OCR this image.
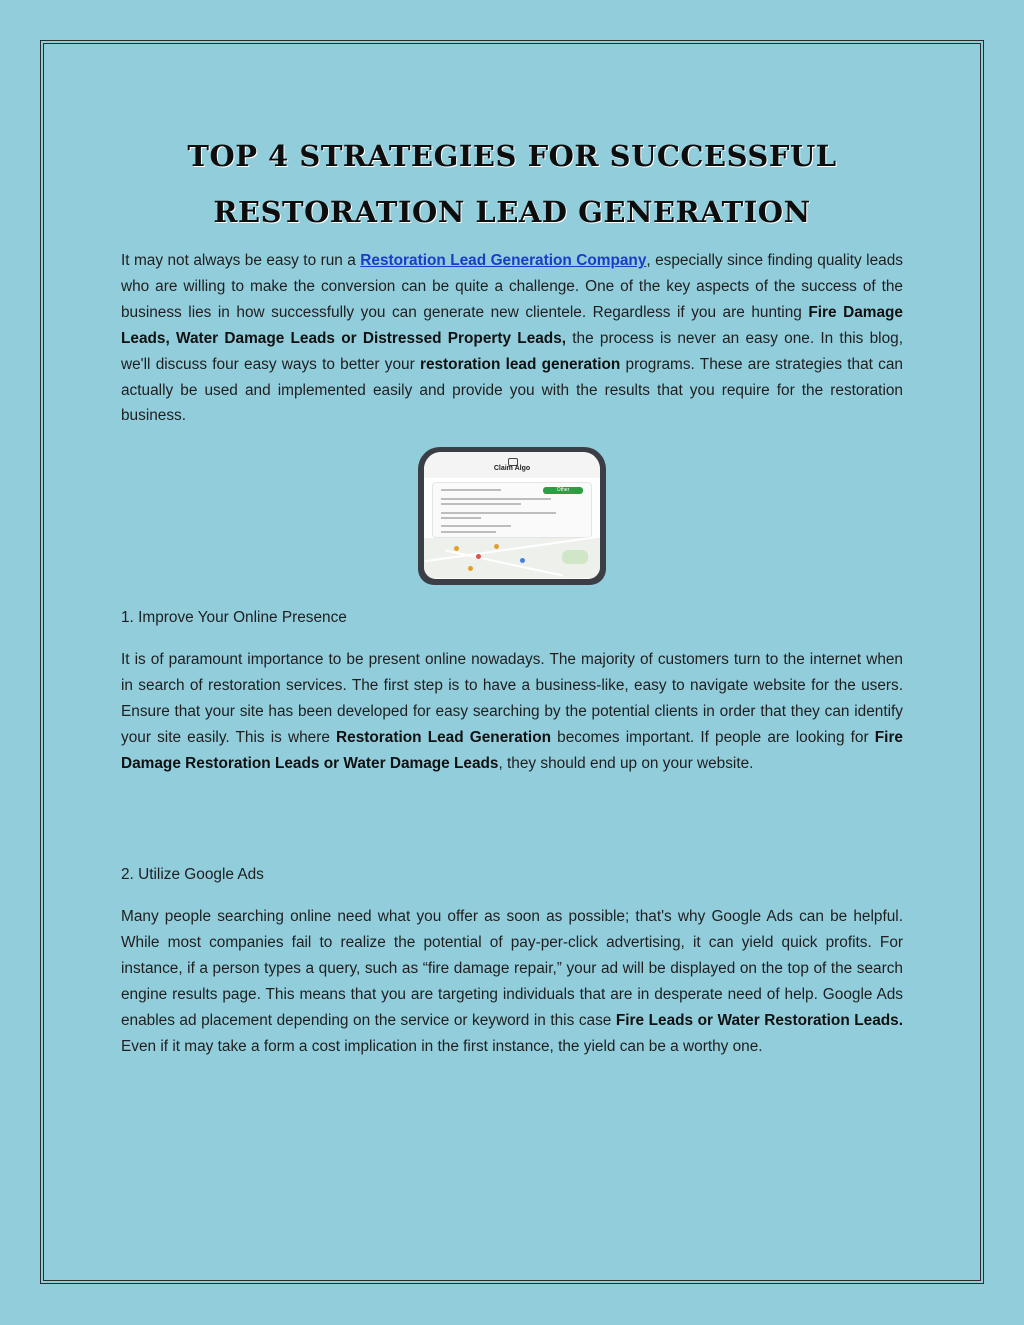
TOP 4 STRATEGIES FOR SUCCESSFUL
RESTORATION LEAD GENERATION
It may not always be easy to run a Restoration Lead Generation Company, especially since finding quality leads who are willing to make the conversion can be quite a challenge. One of the key aspects of the success of the business lies in how successfully you can generate new clientele. Regardless if you are hunting Fire Damage Leads, Water Damage Leads or Distressed Property Leads, the process is never an easy one. In this blog, we'll discuss four easy ways to better your restoration lead generation programs. These are strategies that can actually be used and implemented easily and provide you with the results that you require for the restoration business.
Claim Algo
Other
1. Improve Your Online Presence
It is of paramount importance to be present online nowadays. The majority of customers turn to the internet when in search of restoration services. The first step is to have a business-like, easy to navigate website for the users. Ensure that your site has been developed for easy searching by the potential clients in order that they can identify your site easily. This is where Restoration Lead Generation becomes important. If people are looking for Fire Damage Restoration Leads or Water Damage Leads, they should end up on your website.
2. Utilize Google Ads
Many people searching online need what you offer as soon as possible; that's why Google Ads can be helpful. While most companies fail to realize the potential of pay-per-click advertising, it can yield quick profits. For instance, if a person types a query, such as “fire damage repair,” your ad will be displayed on the top of the search engine results page. This means that you are targeting individuals that are in desperate need of help. Google Ads enables ad placement depending on the service or keyword in this case Fire Leads or Water Restoration Leads. Even if it may take a form a cost implication in the first instance, the yield can be a worthy one.
